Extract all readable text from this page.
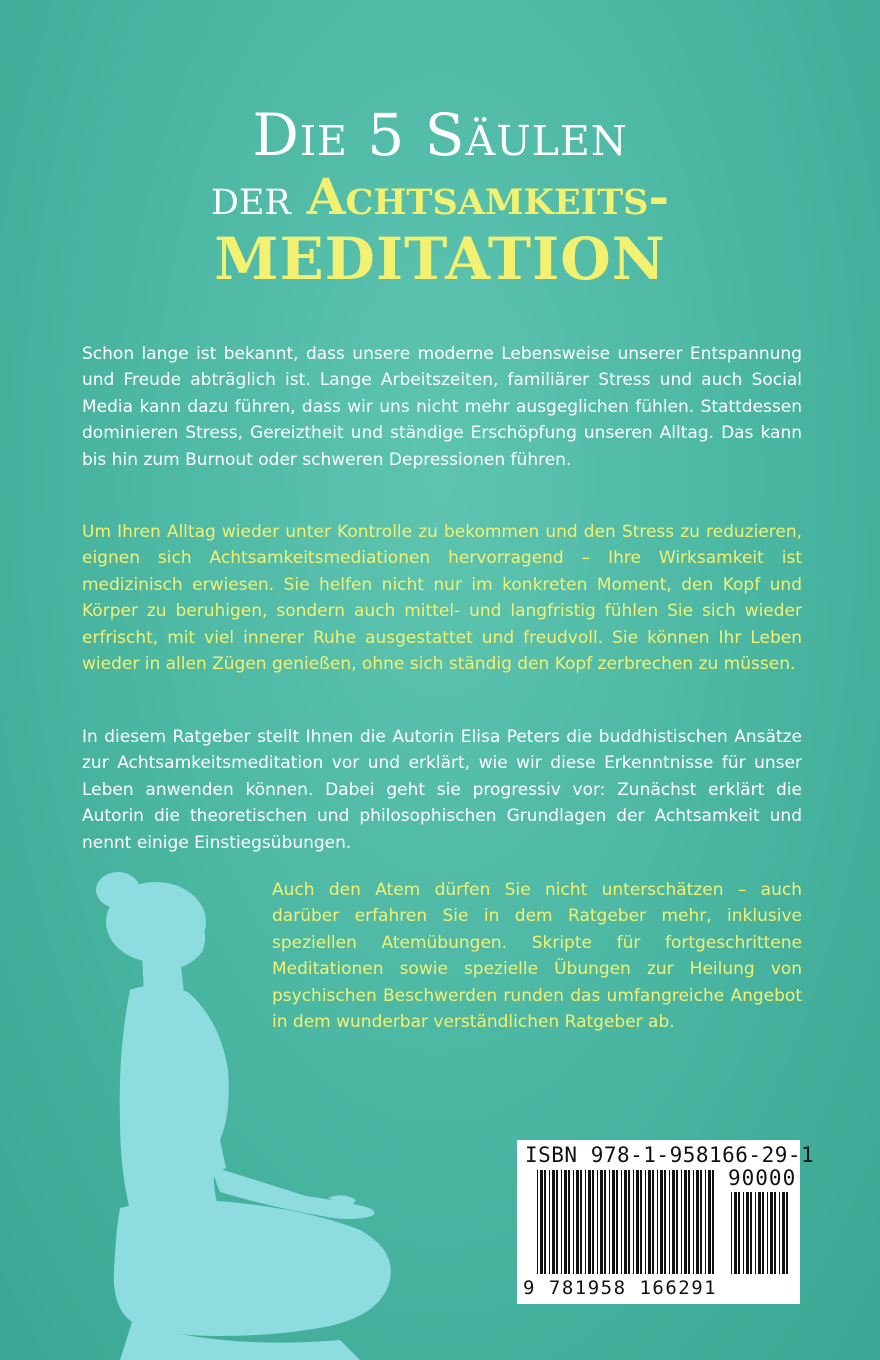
Die 5 Säulen
der Achtsamkeits-
MEDITATION

Schon lange ist bekannt, dass unsere moderne Lebensweise unserer Entspannung und Freude abträglich ist. Lange Arbeitszeiten, familiärer Stress und auch Social Media kann dazu führen, dass wir uns nicht mehr ausgeglichen fühlen. Stattdessen dominieren Stress, Gereiztheit und ständige Erschöpfung unseren Alltag. Das kann bis hin zum Burnout oder schweren Depressionen führen.

Um Ihren Alltag wieder unter Kontrolle zu bekommen und den Stress zu reduzieren, eignen sich Achtsamkeitsmediationen hervorragend – Ihre Wirksamkeit ist medizinisch erwiesen. Sie helfen nicht nur im konkreten Moment, den Kopf und Körper zu beruhigen, sondern auch mittel- und langfristig fühlen Sie sich wieder erfrischt, mit viel innerer Ruhe ausgestattet und freudvoll. Sie können Ihr Leben wieder in allen Zügen genießen, ohne sich ständig den Kopf zerbrechen zu müssen.

In diesem Ratgeber stellt Ihnen die Autorin Elisa Peters die buddhistischen Ansätze zur Achtsamkeitsmeditation vor und erklärt, wie wir diese Erkenntnisse für unser Leben anwenden können. Dabei geht sie progressiv vor: Zunächst erklärt die Autorin die theoretischen und philosophischen Grundlagen der Achtsamkeit und nennt einige Einstiegsübungen.

Auch den Atem dürfen Sie nicht unterschätzen – auch darüber erfahren Sie in dem Ratgeber mehr, inklusive speziellen Atemübungen. Skripte für fortgeschrittene Meditationen sowie spezielle Übungen zur Heilung von psychischen Beschwerden runden das umfangreiche Angebot in dem wunderbar verständlichen Ratgeber ab.

ISBN 978-1-958166-29-1
90000
9 781958 166291
